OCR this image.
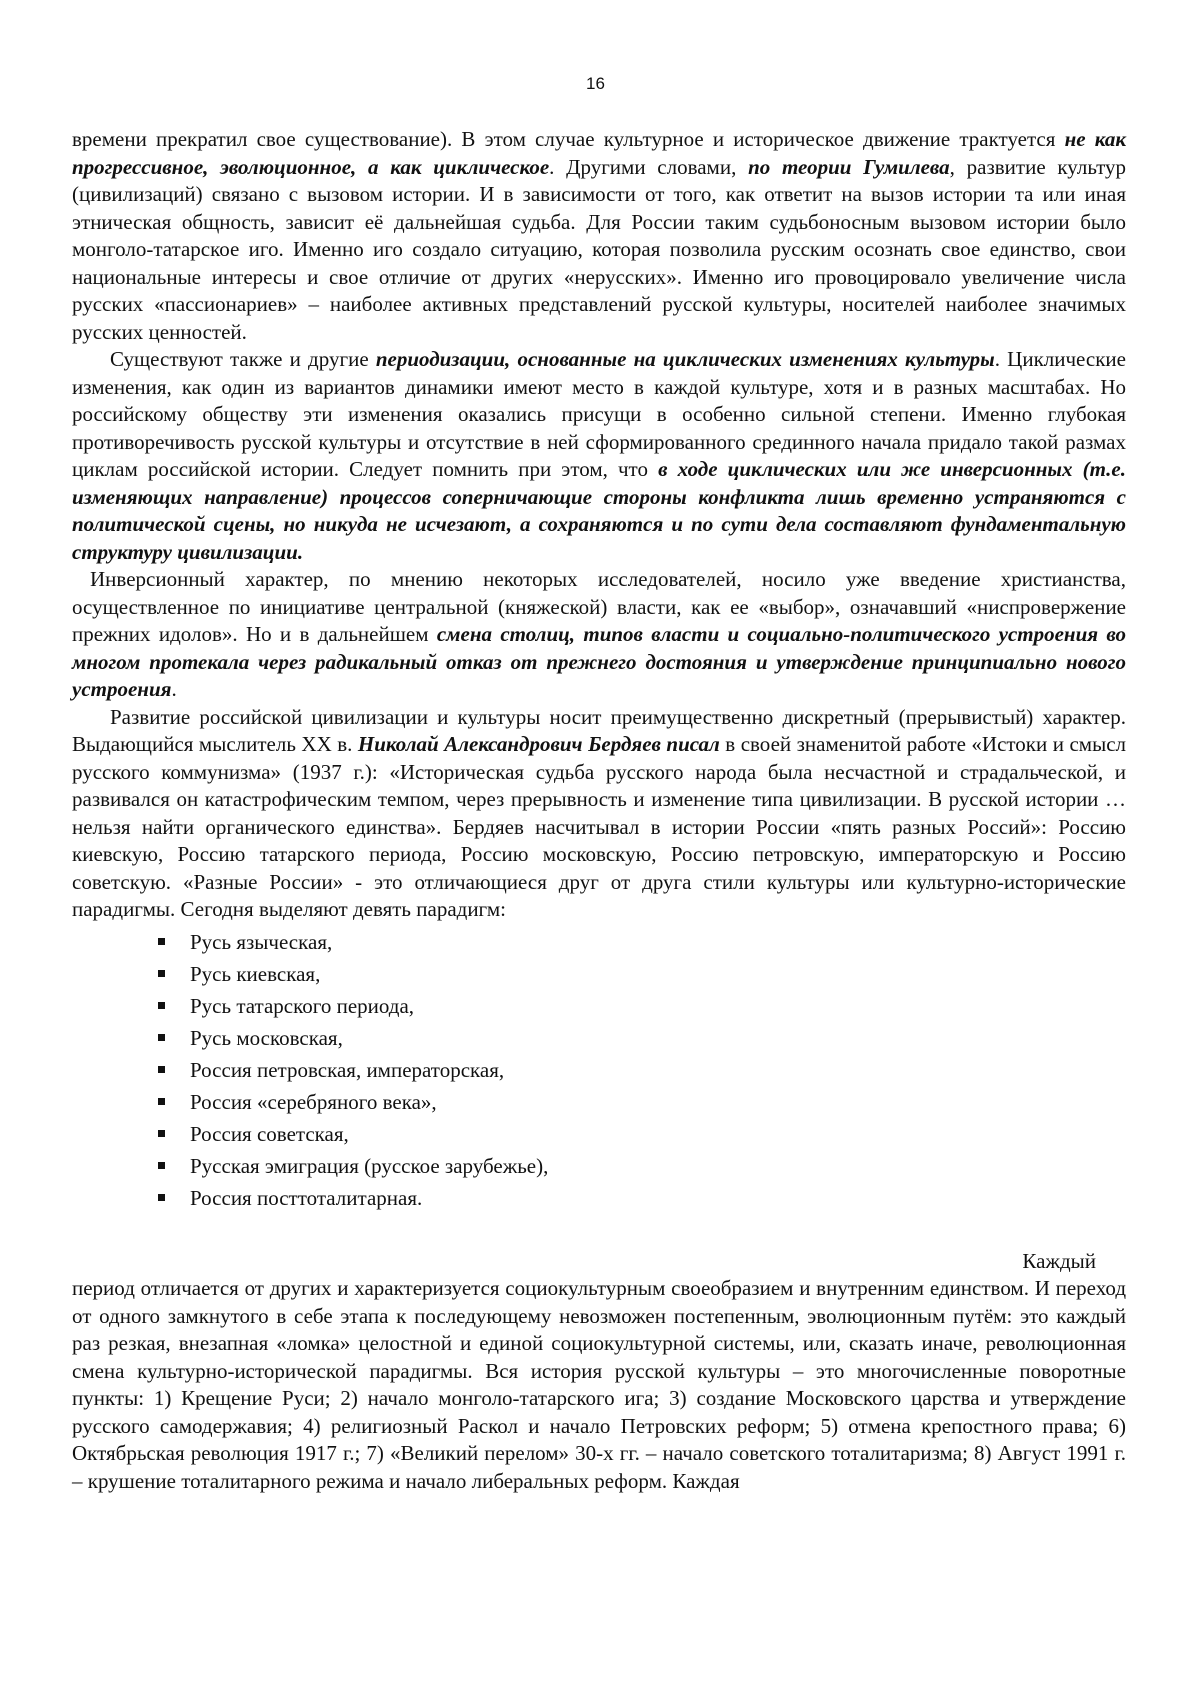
16

времени прекратил свое существование). В этом случае культурное и историческое движение трактуется не как прогрессивное, эволюционное, а как циклическое. Другими словами, по теории Гумилева, развитие культур (цивилизаций) связано с вызовом истории. И в зависимости от того, как ответит на вызов истории та или иная этническая общность, зависит её дальнейшая судьба. Для России таким судьбоносным вызовом истории было монголо-татарское иго. Именно иго создало ситуацию, которая позволила русским осознать свое единство, свои национальные интересы и свое отличие от других «нерусских». Именно иго провоцировало увеличение числа русских «пассионариев» – наиболее активных представлений русской культуры, носителей наиболее значимых русских ценностей.

Существуют также и другие периодизации, основанные на циклических изменениях культуры. Циклические изменения, как один из вариантов динамики имеют место в каждой культуре, хотя и в разных масштабах. Но российскому обществу эти изменения оказались присущи в особенно сильной степени. Именно глубокая противоречивость русской культуры и отсутствие в ней сформированного срединного начала придало такой размах циклам российской истории. Следует помнить при этом, что в ходе циклических или же инверсионных (т.е. изменяющих направление) процессов соперничающие стороны конфликта лишь временно устраняются с политической сцены, но никуда не исчезают, а сохраняются и по сути дела составляют фундаментальную структуру цивилизации.

Инверсионный характер, по мнению некоторых исследователей, носило уже введение христианства, осуществленное по инициативе центральной (княжеской) власти, как ее «выбор», означавший «ниспровержение прежних идолов». Но и в дальнейшем смена столиц, типов власти и социально-политического устроения во многом протекала через радикальный отказ от прежнего достояния и утверждение принципиально нового устроения.

Развитие российской цивилизации и культуры носит преимущественно дискретный (прерывистый) характер. Выдающийся мыслитель XX в. Николай Александрович Бердяев писал в своей знаменитой работе «Истоки и смысл русского коммунизма» (1937 г.): «Историческая судьба русского народа была несчастной и страдальческой, и развивался он катастрофическим темпом, через прерывность и изменение типа цивилизации. В русской истории … нельзя найти органического единства». Бердяев насчитывал в истории России «пять разных Россий»: Россию киевскую, Россию татарского периода, Россию московскую, Россию петровскую, императорскую и Россию советскую. «Разные России» - это отличающиеся друг от друга стили культуры или культурно-исторические парадигмы. Сегодня выделяют девять парадигм:

Русь языческая,
Русь киевская,
Русь татарского периода,
Русь московская,
Россия петровская, императорская,
Россия «серебряного века»,
Россия советская,
Русская эмиграция (русское зарубежье),
Россия посттоталитарная.

Каждый

период отличается от других и характеризуется социокультурным своеобразием и внутренним единством. И переход от одного замкнутого в себе этапа к последующему невозможен постепенным, эволюционным путём: это каждый раз резкая, внезапная «ломка» целостной и единой социокультурной системы, или, сказать иначе, революционная смена культурно-исторической парадигмы. Вся история русской культуры – это многочисленные поворотные пункты: 1) Крещение Руси; 2) начало монголо-татарского ига; 3) создание Московского царства и утверждение русского самодержавия; 4) религиозный Раскол и начало Петровских реформ; 5) отмена крепостного права; 6) Октябрьская революция 1917 г.; 7) «Великий перелом» 30-х гг. – начало советского тоталитаризма; 8) Август 1991 г. – крушение тоталитарного режима и начало либеральных реформ. Каждая
